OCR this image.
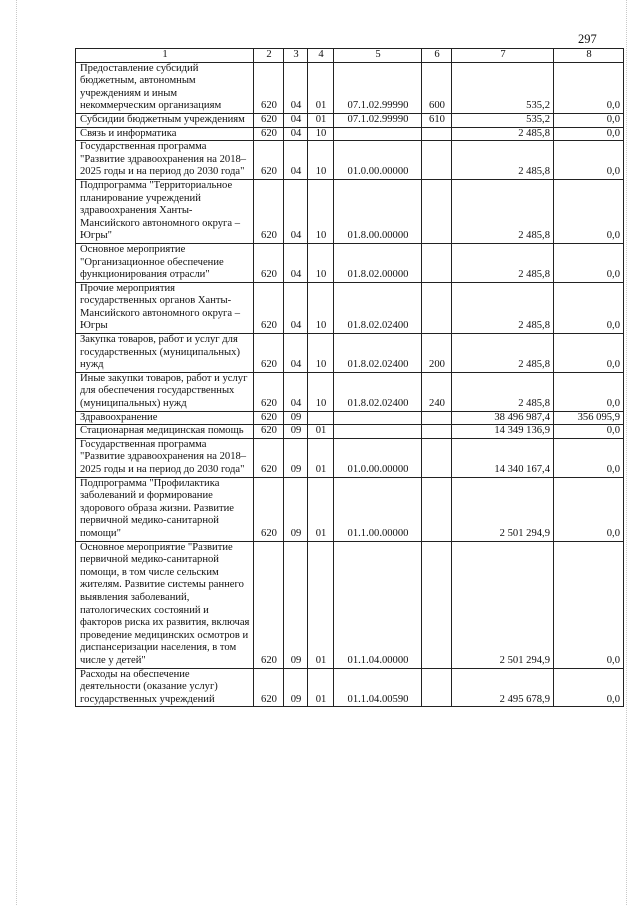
297
1	2	3	4	5	6	7	8
Предоставление субсидий бюджетным, автономным учреждениям и иным некоммерческим организациям	620	04	01	07.1.02.99990	600	535,2	0,0
Субсидии бюджетным учреждениям	620	04	01	07.1.02.99990	610	535,2	0,0
Связь и информатика	620	04	10			2 485,8	0,0
Государственная программа "Развитие здравоохранения на 2018–2025 годы и на период до 2030 года"	620	04	10	01.0.00.00000		2 485,8	0,0
Подпрограмма "Территориальное планирование учреждений здравоохранения Ханты-Мансийского автономного округа – Югры"	620	04	10	01.8.00.00000		2 485,8	0,0
Основное мероприятие "Организационное обеспечение функционирования отрасли"	620	04	10	01.8.02.00000		2 485,8	0,0
Прочие мероприятия государственных органов Ханты-Мансийского автономного округа – Югры	620	04	10	01.8.02.02400		2 485,8	0,0
Закупка товаров, работ и услуг для государственных (муниципальных) нужд	620	04	10	01.8.02.02400	200	2 485,8	0,0
Иные закупки товаров, работ и услуг для обеспечения государственных (муниципальных) нужд	620	04	10	01.8.02.02400	240	2 485,8	0,0
Здравоохранение	620	09				38 496 987,4	356 095,9
Стационарная медицинская помощь	620	09	01			14 349 136,9	0,0
Государственная программа "Развитие здравоохранения на 2018–2025 годы и на период до 2030 года"	620	09	01	01.0.00.00000		14 340 167,4	0,0
Подпрограмма "Профилактика заболеваний и формирование здорового образа жизни. Развитие первичной медико-санитарной помощи"	620	09	01	01.1.00.00000		2 501 294,9	0,0
Основное мероприятие "Развитие первичной медико-санитарной помощи, в том числе сельским жителям. Развитие системы раннего выявления заболеваний, патологических состояний и факторов риска их развития, включая проведение медицинских осмотров и диспансеризации населения, в том числе у детей"	620	09	01	01.1.04.00000		2 501 294,9	0,0
Расходы на обеспечение деятельности (оказание услуг) государственных учреждений	620	09	01	01.1.04.00590		2 495 678,9	0,0
